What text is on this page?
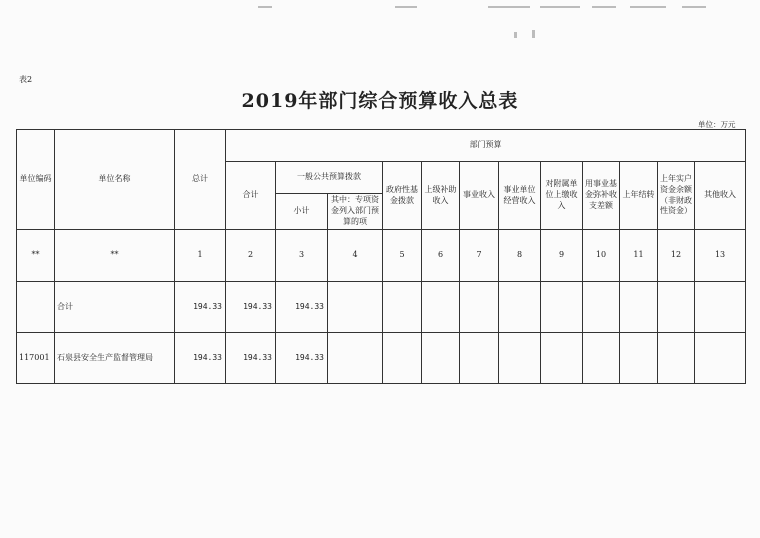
表2
2019年部门综合预算收入总表
单位：万元
单位编码	单位名称	总计	部门预算											
			合计	一般公共预算拨款		政府性基金拨款	上级补助收入	事业收入	事业单位经营收入	对附属单位上缴收入	用事业基金弥补收支差额	上年结转	上年实户资金余额（非财政性资金）	其他收入
				小计	其中：专项资金列入部门预算的项									
**	**	1	2	3	4	5	6	7	8	9	10	11	12	13
	合计	194.33	194.33	194.33										
117001	石泉县安全生产监督管理局	194.33	194.33	194.33										
